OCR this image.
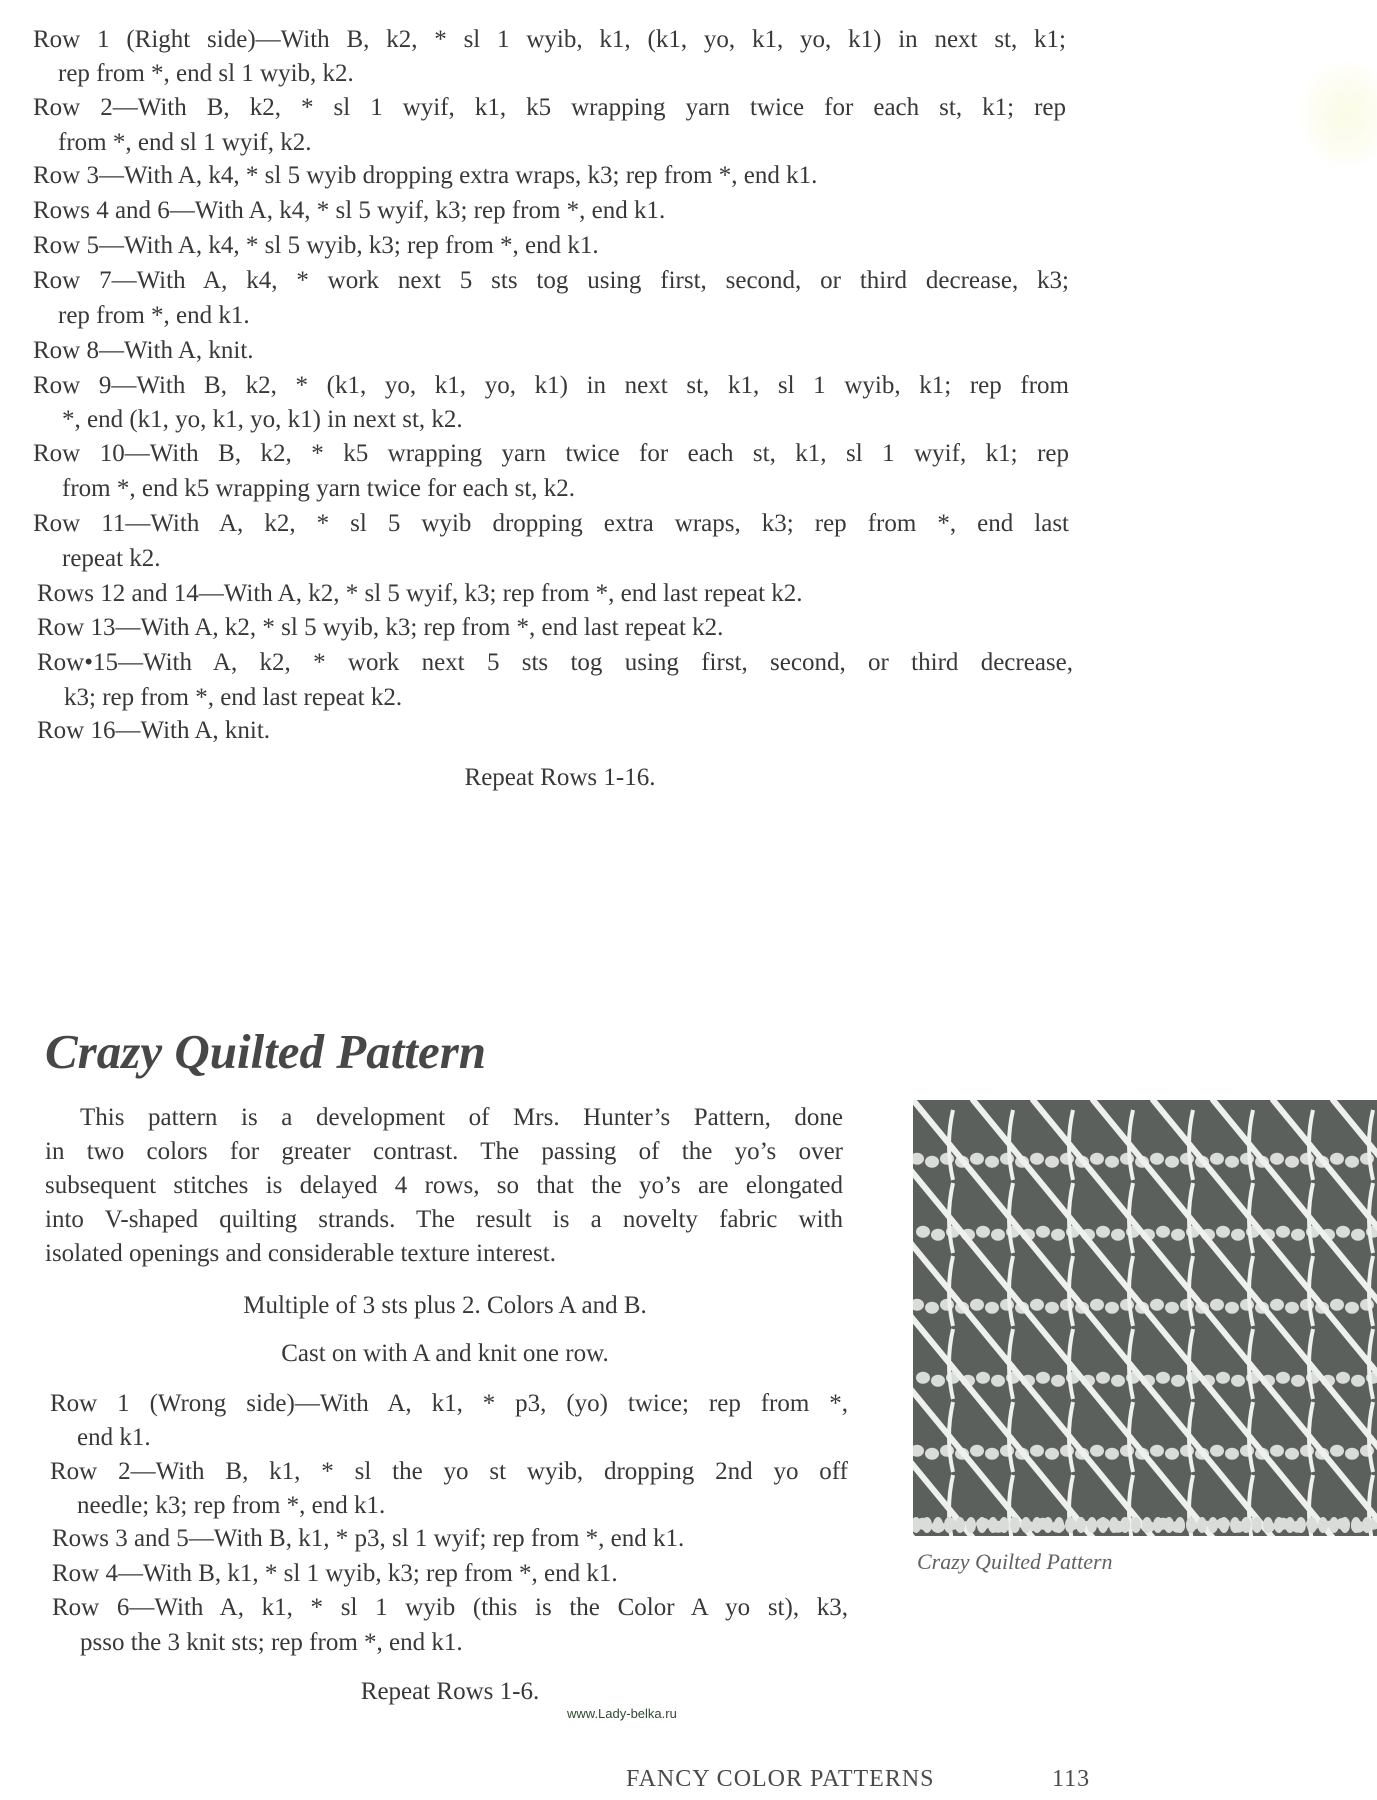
Row 1 (Right side)—With B, k2, * sl 1 wyib, k1, (k1, yo, k1, yo, k1) in next st, k1;
rep from *, end sl 1 wyib, k2.
Row 2—With B, k2, * sl 1 wyif, k1, k5 wrapping yarn twice for each st, k1; rep
from *, end sl 1 wyif, k2.
Row 3—With A, k4, * sl 5 wyib dropping extra wraps, k3; rep from *, end k1.
Rows 4 and 6—With A, k4, * sl 5 wyif, k3; rep from *, end k1.
Row 5—With A, k4, * sl 5 wyib, k3; rep from *, end k1.
Row 7—With A, k4, * work next 5 sts tog using first, second, or third decrease, k3;
rep from *, end k1.
Row 8—With A, knit.
Row 9—With B, k2, * (k1, yo, k1, yo, k1) in next st, k1, sl 1 wyib, k1; rep from
*, end (k1, yo, k1, yo, k1) in next st, k2.
Row 10—With B, k2, * k5 wrapping yarn twice for each st, k1, sl 1 wyif, k1; rep
from *, end k5 wrapping yarn twice for each st, k2.
Row 11—With A, k2, * sl 5 wyib dropping extra wraps, k3; rep from *, end last
repeat k2.
Rows 12 and 14—With A, k2, * sl 5 wyif, k3; rep from *, end last repeat k2.
Row 13—With A, k2, * sl 5 wyib, k3; rep from *, end last repeat k2.
Row•15—With A, k2, * work next 5 sts tog using first, second, or third decrease,
k3; rep from *, end last repeat k2.
Row 16—With A, knit.
Repeat Rows 1-16.
Crazy Quilted Pattern
This pattern is a development of Mrs. Hunter’s Pattern, done
in two colors for greater contrast. The passing of the yo’s over
subsequent stitches is delayed 4 rows, so that the yo’s are elongated
into V-shaped quilting strands. The result is a novelty fabric with
isolated openings and considerable texture interest.
Multiple of 3 sts plus 2. Colors A and B.
Cast on with A and knit one row.
Row 1 (Wrong side)—With A, k1, * p3, (yo) twice; rep from *,
end k1.
Row 2—With B, k1, * sl the yo st wyib, dropping 2nd yo off
needle; k3; rep from *, end k1.
Rows 3 and 5—With B, k1, * p3, sl 1 wyif; rep from *, end k1.
Row 4—With B, k1, * sl 1 wyib, k3; rep from *, end k1.
Row 6—With A, k1, * sl 1 wyib (this is the Color A yo st), k3,
psso the 3 knit sts; rep from *, end k1.
Repeat Rows 1-6.
Crazy Quilted Pattern
www.Lady-belka.ru
FANCY COLOR PATTERNS	113
